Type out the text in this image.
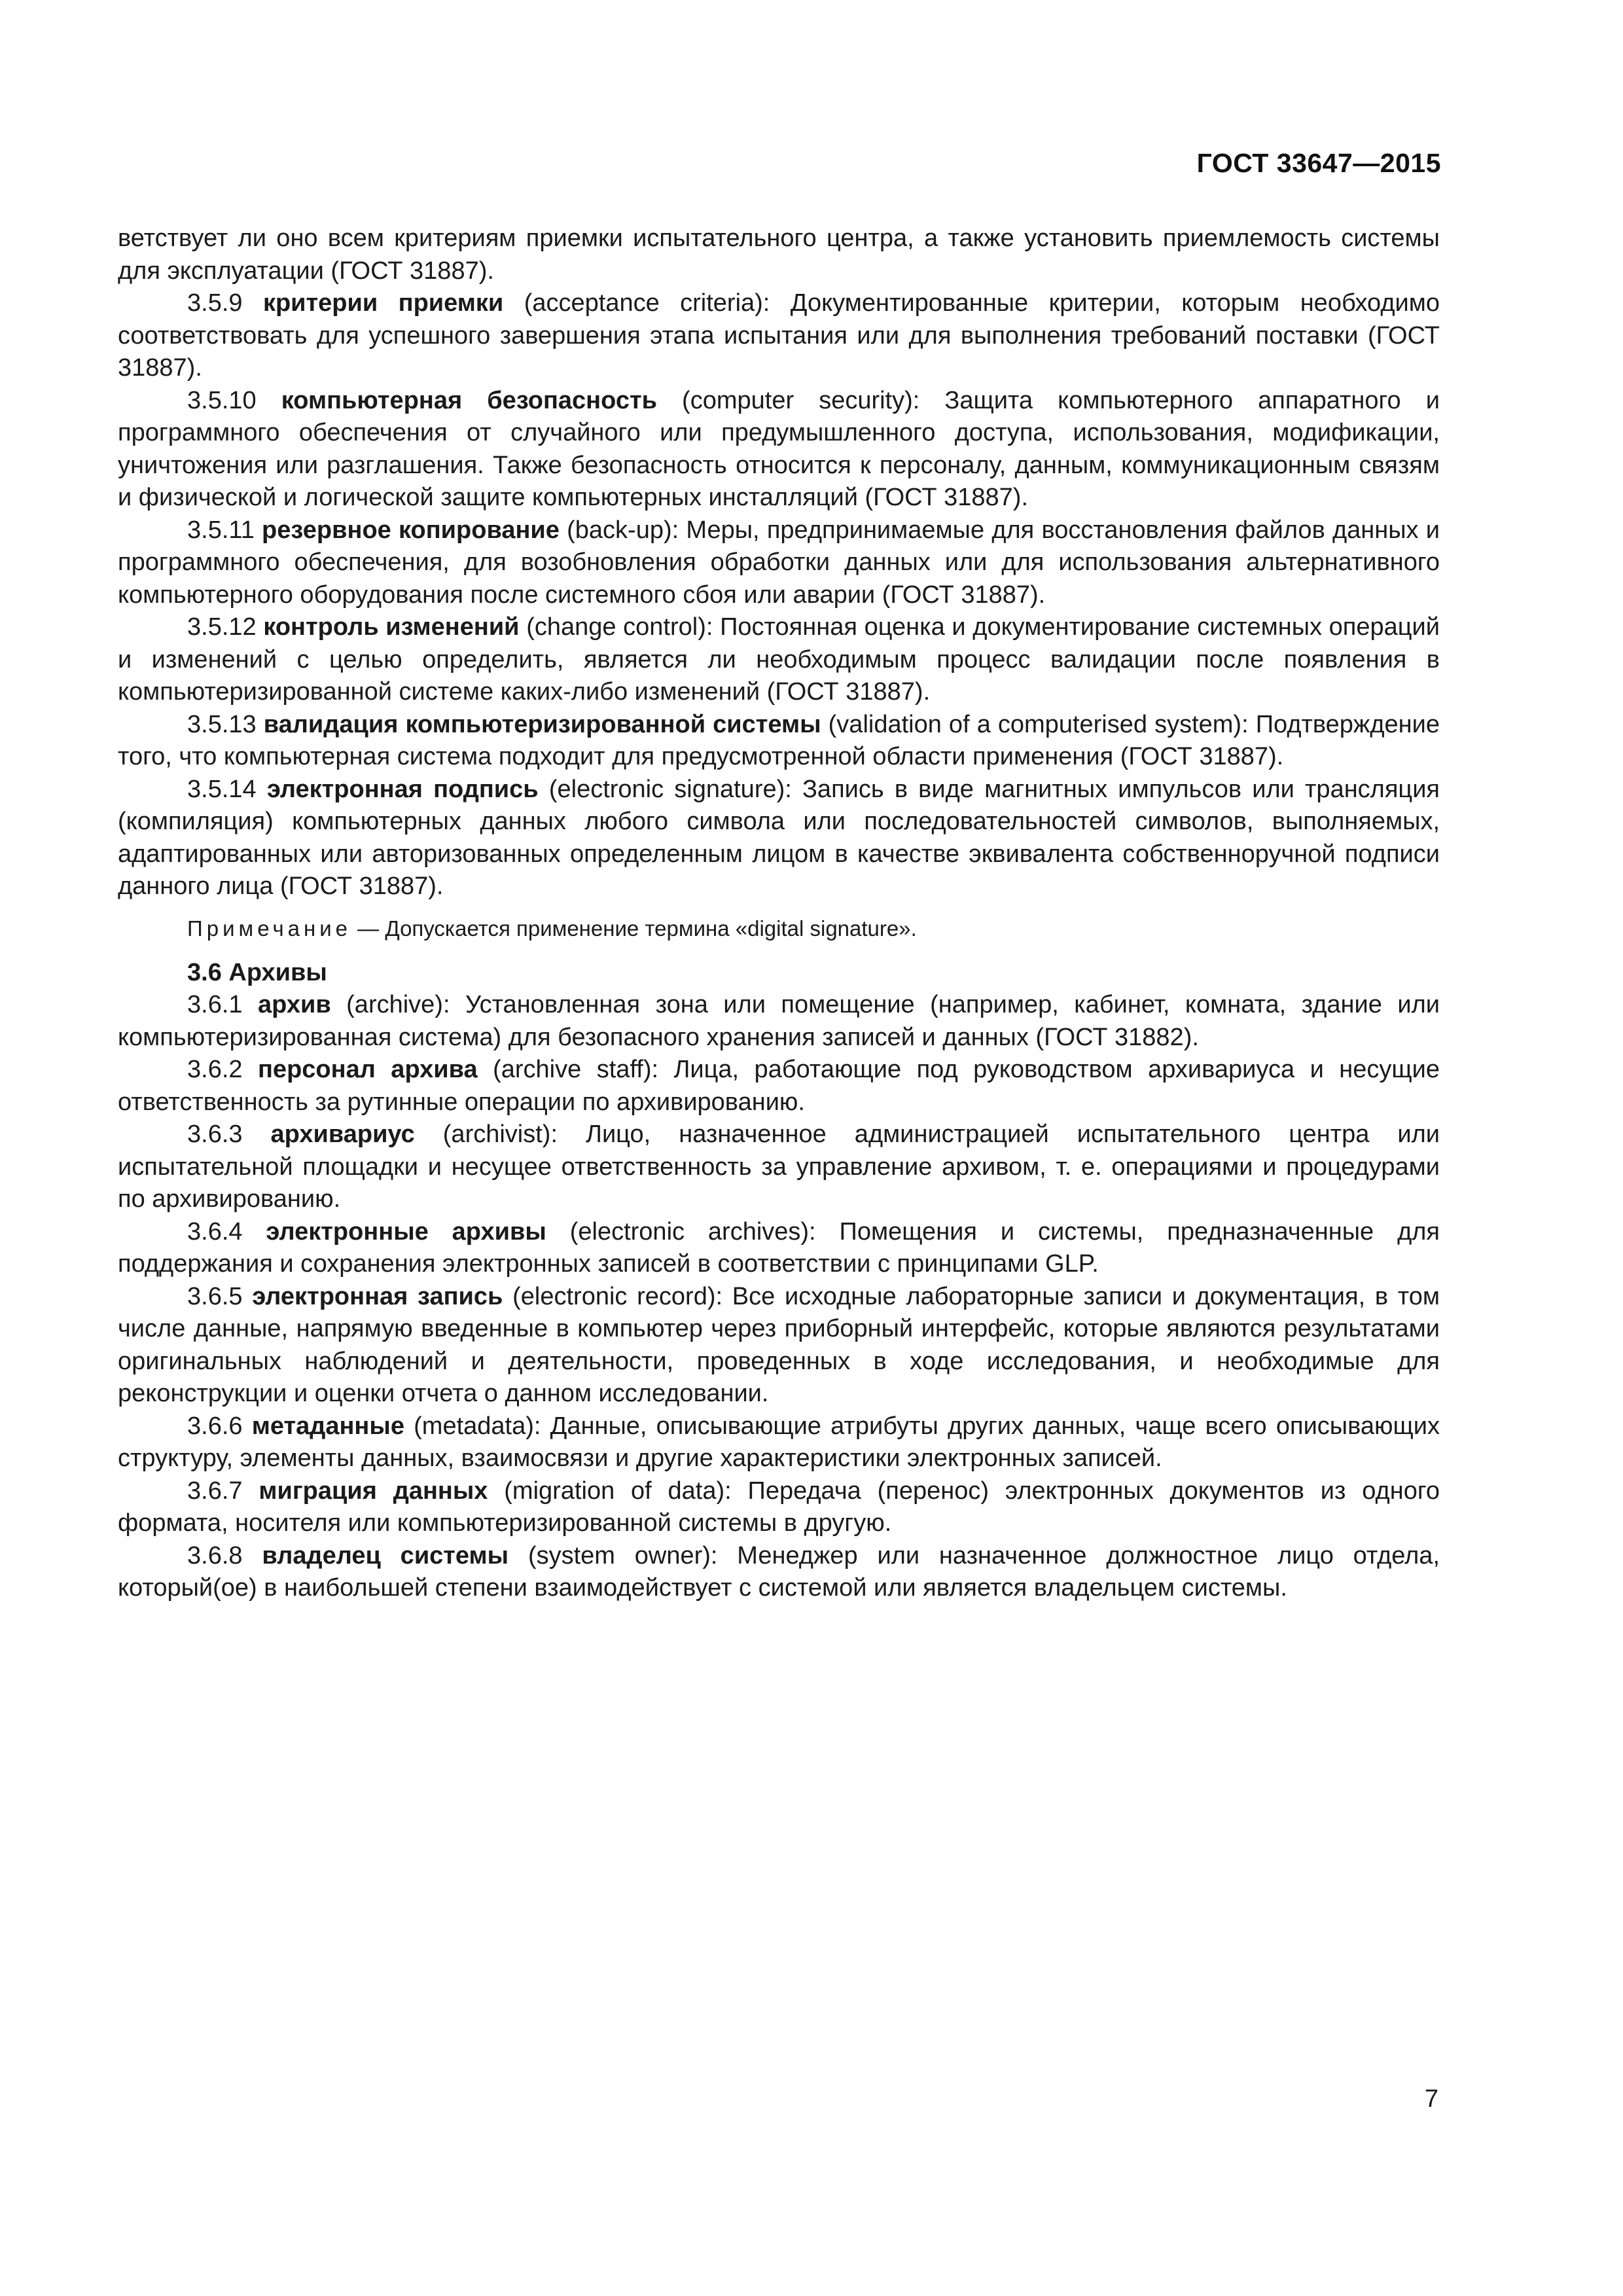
ГОСТ 33647—2015

ветствует ли оно всем критериям приемки испытательного центра, а также установить приемлемость системы для эксплуатации (ГОСТ 31887).

3.5.9 критерии приемки (acceptance criteria): Документированные критерии, которым необходимо соответствовать для успешного завершения этапа испытания или для выполнения требований поставки (ГОСТ 31887).

3.5.10 компьютерная безопасность (computer security): Защита компьютерного аппаратного и программного обеспечения от случайного или предумышленного доступа, использования, модификации, уничтожения или разглашения. Также безопасность относится к персоналу, данным, коммуникационным связям и физической и логической защите компьютерных инсталляций (ГОСТ 31887).

3.5.11 резервное копирование (back-up): Меры, предпринимаемые для восстановления файлов данных и программного обеспечения, для возобновления обработки данных или для использования альтернативного компьютерного оборудования после системного сбоя или аварии (ГОСТ 31887).

3.5.12 контроль изменений (change control): Постоянная оценка и документирование системных операций и изменений с целью определить, является ли необходимым процесс валидации после появления в компьютеризированной системе каких-либо изменений (ГОСТ 31887).

3.5.13 валидация компьютеризированной системы (validation of a computerised system): Подтверждение того, что компьютерная система подходит для предусмотренной области применения (ГОСТ 31887).

3.5.14 электронная подпись (electronic signature): Запись в виде магнитных импульсов или трансляция (компиляция) компьютерных данных любого символа или последовательностей символов, выполняемых, адаптированных или авторизованных определенным лицом в качестве эквивалента собственноручной подписи данного лица (ГОСТ 31887).

Примечание — Допускается применение термина «digital signature».

3.6 Архивы

3.6.1 архив (archive): Установленная зона или помещение (например, кабинет, комната, здание или компьютеризированная система) для безопасного хранения записей и данных (ГОСТ 31882).

3.6.2 персонал архива (archive staff): Лица, работающие под руководством архивариуса и несущие ответственность за рутинные операции по архивированию.

3.6.3 архивариус (archivist): Лицо, назначенное администрацией испытательного центра или испытательной площадки и несущее ответственность за управление архивом, т. е. операциями и процедурами по архивированию.

3.6.4 электронные архивы (electronic archives): Помещения и системы, предназначенные для поддержания и сохранения электронных записей в соответствии с принципами GLP.

3.6.5 электронная запись (electronic record): Все исходные лабораторные записи и документация, в том числе данные, напрямую введенные в компьютер через приборный интерфейс, которые являются результатами оригинальных наблюдений и деятельности, проведенных в ходе исследования, и необходимые для реконструкции и оценки отчета о данном исследовании.

3.6.6 метаданные (metadata): Данные, описывающие атрибуты других данных, чаще всего описывающих структуру, элементы данных, взаимосвязи и другие характеристики электронных записей.

3.6.7 миграция данных (migration of data): Передача (перенос) электронных документов из одного формата, носителя или компьютеризированной системы в другую.

3.6.8 владелец системы (system owner): Менеджер или назначенное должностное лицо отдела, который(ое) в наибольшей степени взаимодействует с системой или является владельцем системы.

7
